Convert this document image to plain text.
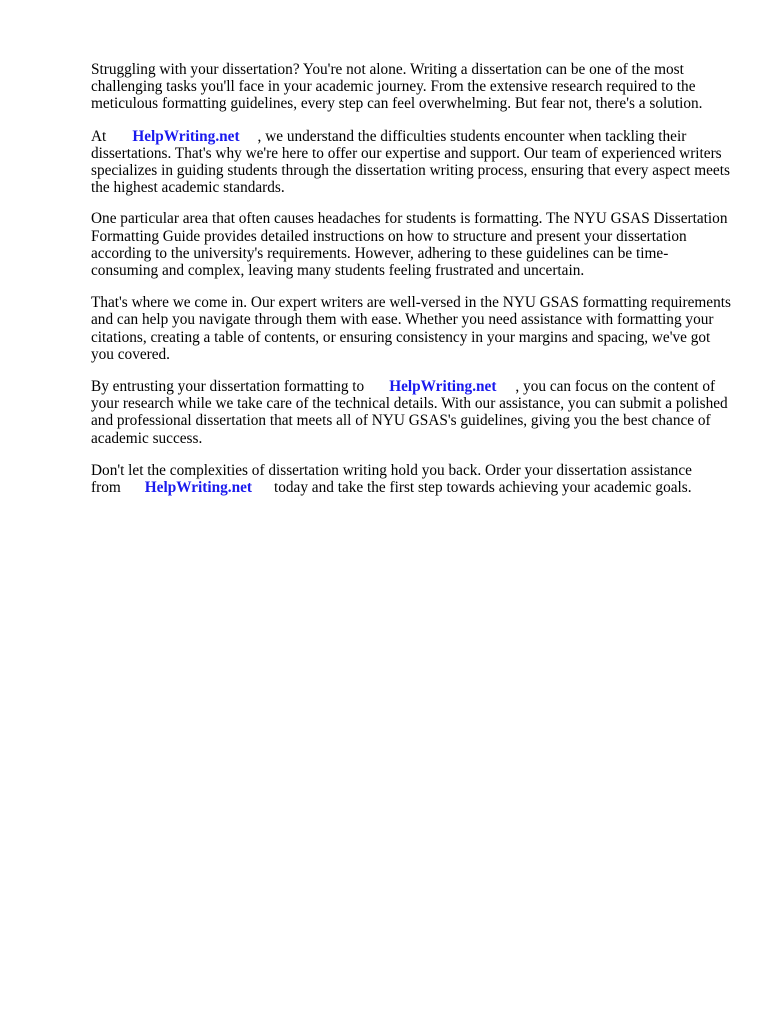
Struggling with your dissertation? You're not alone. Writing a dissertation can be one of the most challenging tasks you'll face in your academic journey. From the extensive research required to the meticulous formatting guidelines, every step can feel overwhelming. But fear not, there's a solution.

At HelpWriting.net , we understand the difficulties students encounter when tackling their dissertations. That's why we're here to offer our expertise and support. Our team of experienced writers specializes in guiding students through the dissertation writing process, ensuring that every aspect meets the highest academic standards.

One particular area that often causes headaches for students is formatting. The NYU GSAS Dissertation Formatting Guide provides detailed instructions on how to structure and present your dissertation according to the university's requirements. However, adhering to these guidelines can be time-consuming and complex, leaving many students feeling frustrated and uncertain.

That's where we come in. Our expert writers are well-versed in the NYU GSAS formatting requirements and can help you navigate through them with ease. Whether you need assistance with formatting your citations, creating a table of contents, or ensuring consistency in your margins and spacing, we've got you covered.

By entrusting your dissertation formatting to HelpWriting.net , you can focus on the content of your research while we take care of the technical details. With our assistance, you can submit a polished and professional dissertation that meets all of NYU GSAS's guidelines, giving you the best chance of academic success.

Don't let the complexities of dissertation writing hold you back. Order your dissertation assistance from HelpWriting.net today and take the first step towards achieving your academic goals.
